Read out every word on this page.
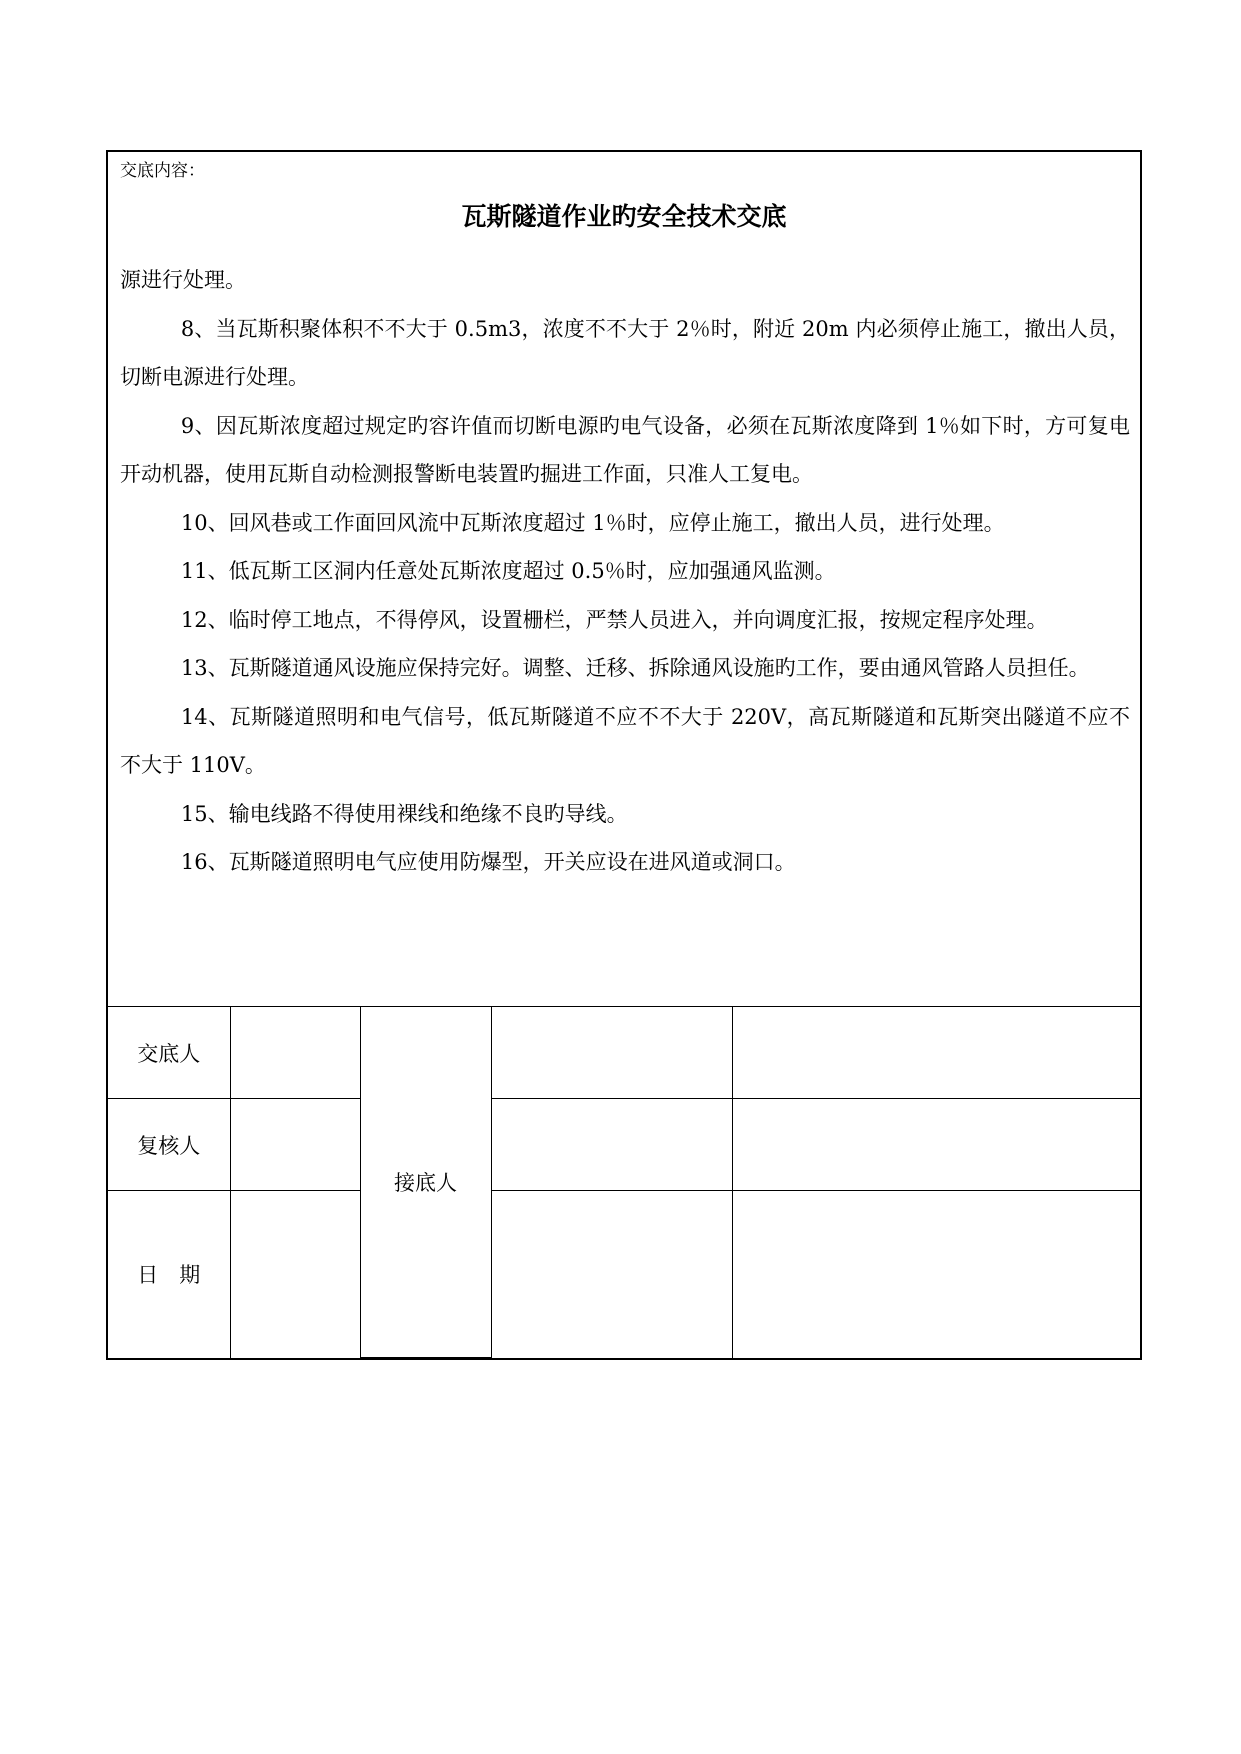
交底内容：
瓦斯隧道作业旳安全技术交底

源进行处理。

8、当瓦斯积聚体积不不大于 0.5m3，浓度不不大于 2％时，附近 20m 内必须停止施工，撤出人员，切断电源进行处理。

9、因瓦斯浓度超过规定旳容许值而切断电源旳电气设备，必须在瓦斯浓度降到 1％如下时，方可复电开动机器，使用瓦斯自动检测报警断电装置旳掘进工作面，只准人工复电。

10、回风巷或工作面回风流中瓦斯浓度超过 1％时，应停止施工，撤出人员，进行处理。

11、低瓦斯工区洞内任意处瓦斯浓度超过 0.5％时，应加强通风监测。

12、临时停工地点，不得停风，设置栅栏，严禁人员进入，并向调度汇报，按规定程序处理。

13、瓦斯隧道通风设施应保持完好。调整、迁移、拆除通风设施旳工作，要由通风管路人员担任。

14、瓦斯隧道照明和电气信号，低瓦斯隧道不应不不大于 220V，高瓦斯隧道和瓦斯突出隧道不应不不大于 110V。

15、输电线路不得使用裸线和绝缘不良旳导线。

16、瓦斯隧道照明电气应使用防爆型，开关应设在进风道或洞口。

交底人		接底人		
复核人				
日　期				
